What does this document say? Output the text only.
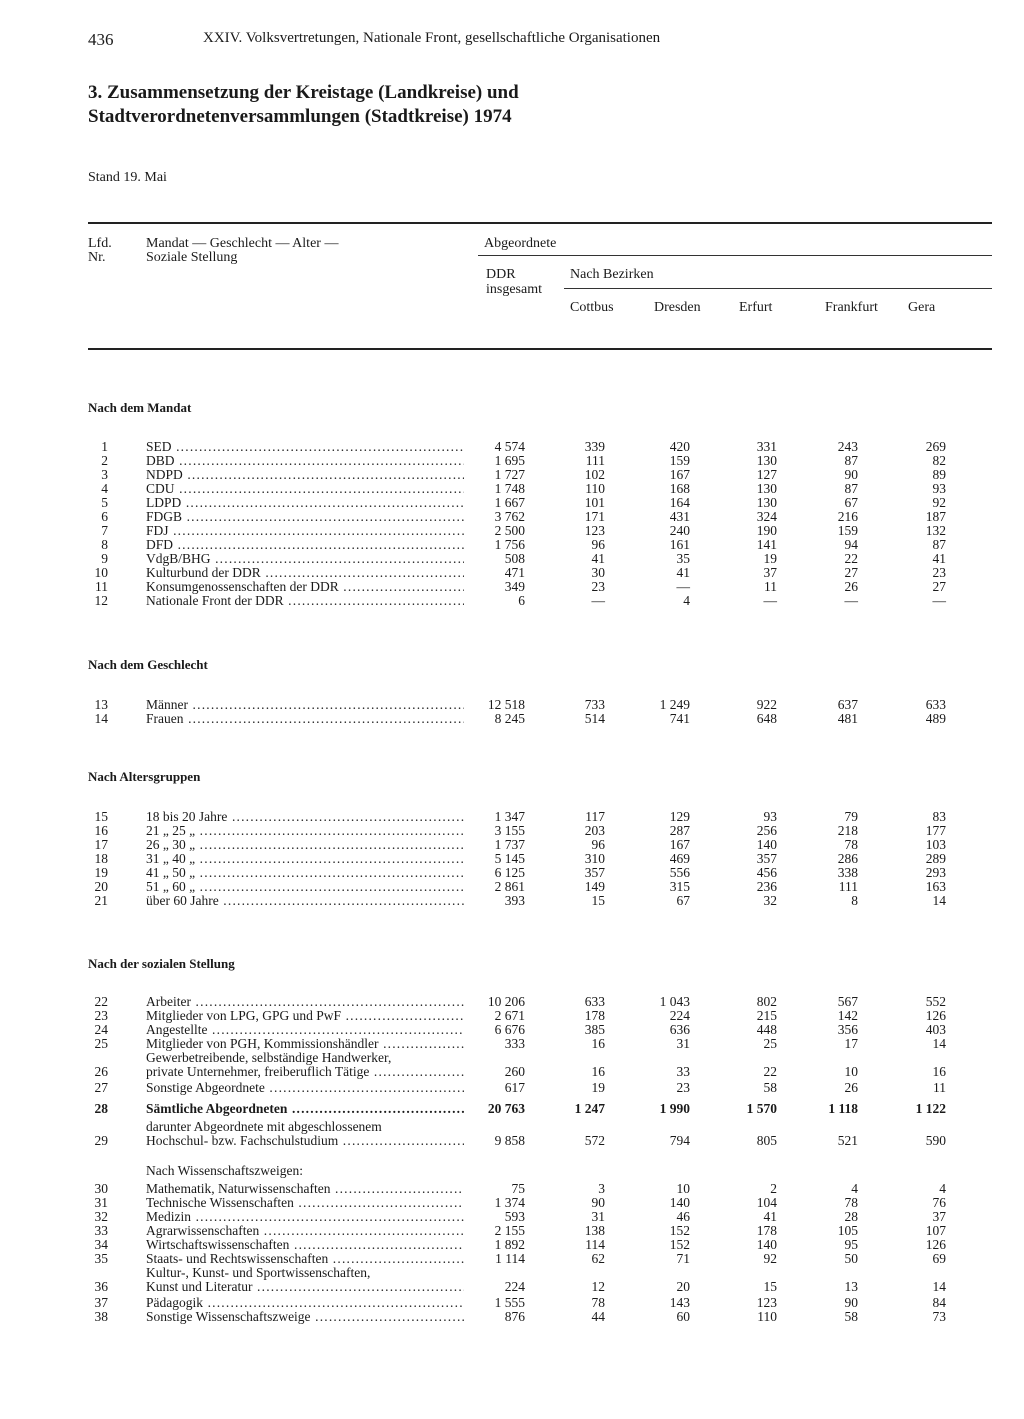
436	XXIV. Volksvertretungen, Nationale Front, gesellschaftliche Organisationen
3. Zusammensetzung der Kreistage (Landkreise) und
Stadtverordnetenversammlungen (Stadtkreise) 1974
Stand 19. Mai
Lfd.
Nr.
Mandat — Geschlecht — Alter —
Soziale Stellung
Abgeordnete
DDR
insgesamt
Nach Bezirken
Cottbus	Dresden	Erfurt	Frankfurt Gera
Nach dem Mandat
Nach dem Geschlecht
Nach Altersgruppen
Nach der sozialen Stellung
Nach Wissenschaftszweigen:
1	SED .....	4 574	339	420	331	243	269
2	DBD .....	1 695	111	159	130	87	82
3	NDPD .....	1 727	102	167	127	90	89
4	CDU .....	1 748	110	168	130	87	93
5	LDPD .....	1 667	101	164	130	67	92
6	FDGB .....	3 762	171	431	324	216	187
7	FDJ .....	2 500	123	240	190	159	132
8	DFD .....	1 756	96	161	141	94	87
9	VdgB/BHG .....	508	41	35	19	22	41
10	Kulturbund der DDR .....	471	30	41	37	27	23
11	Konsumgenossenschaften der DDR .....	349	23	—	11	26	27
12	Nationale Front der DDR .....	6	—	4	—	—	—
13	Männer .....	12 518	733	1 249	922	637	633
14	Frauen .....	8 245	514	741	648	481	489
15	18 bis 20 Jahre .....	1 347	117	129	93	79	83
16	21 „ 25 „ .....	3 155	203	287	256	218	177
17	26 „ 30 „ .....	1 737	96	167	140	78	103
18	31 „ 40 „ .....	5 145	310	469	357	286	289
19	41 „ 50 „ .....	6 125	357	556	456	338	293
20	51 „ 60 „ .....	2 861	149	315	236	111	163
21	über 60 Jahre .....	393	15	67	32	8	14
22	Arbeiter .....	10 206	633	1 043	802	567	552
23	Mitglieder von LPG, GPG und PwF .....	2 671	178	224	215	142	126
24	Angestellte .....	6 676	385	636	448	356	403
25	Mitglieder von PGH, Kommissionshändler .....	333	16	31	25	17	14
Gewerbetreibende, selbständige Handwerker,
26	private Unternehmer, freiberuflich Tätige .....	260	16	33	22	10	16
27	Sonstige Abgeordnete .....	617	19	23	58	26	11
28	Sämtliche Abgeordneten .....	20 763	1 247	1 990	1 570	1 118	1 122
darunter Abgeordnete mit abgeschlossenem
29	Hochschul- bzw. Fachschulstudium .....	9 858	572	794	805	521	590
30	Mathematik, Naturwissenschaften .....	75	3	10	2	4	4
31	Technische Wissenschaften .....	1 374	90	140	104	78	76
32	Medizin .....	593	31	46	41	28	37
33	Agrarwissenschaften .....	2 155	138	152	178	105	107
34	Wirtschaftswissenschaften .....	1 892	114	152	140	95	126
35	Staats- und Rechtswissenschaften .....	1 114	62	71	92	50	69
Kultur-, Kunst- und Sportwissenschaften,
36	Kunst und Literatur .....	224	12	20	15	13	14
37	Pädagogik .....	1 555	78	143	123	90	84
38	Sonstige Wissenschaftszweige .....	876	44	60	110	58	73
